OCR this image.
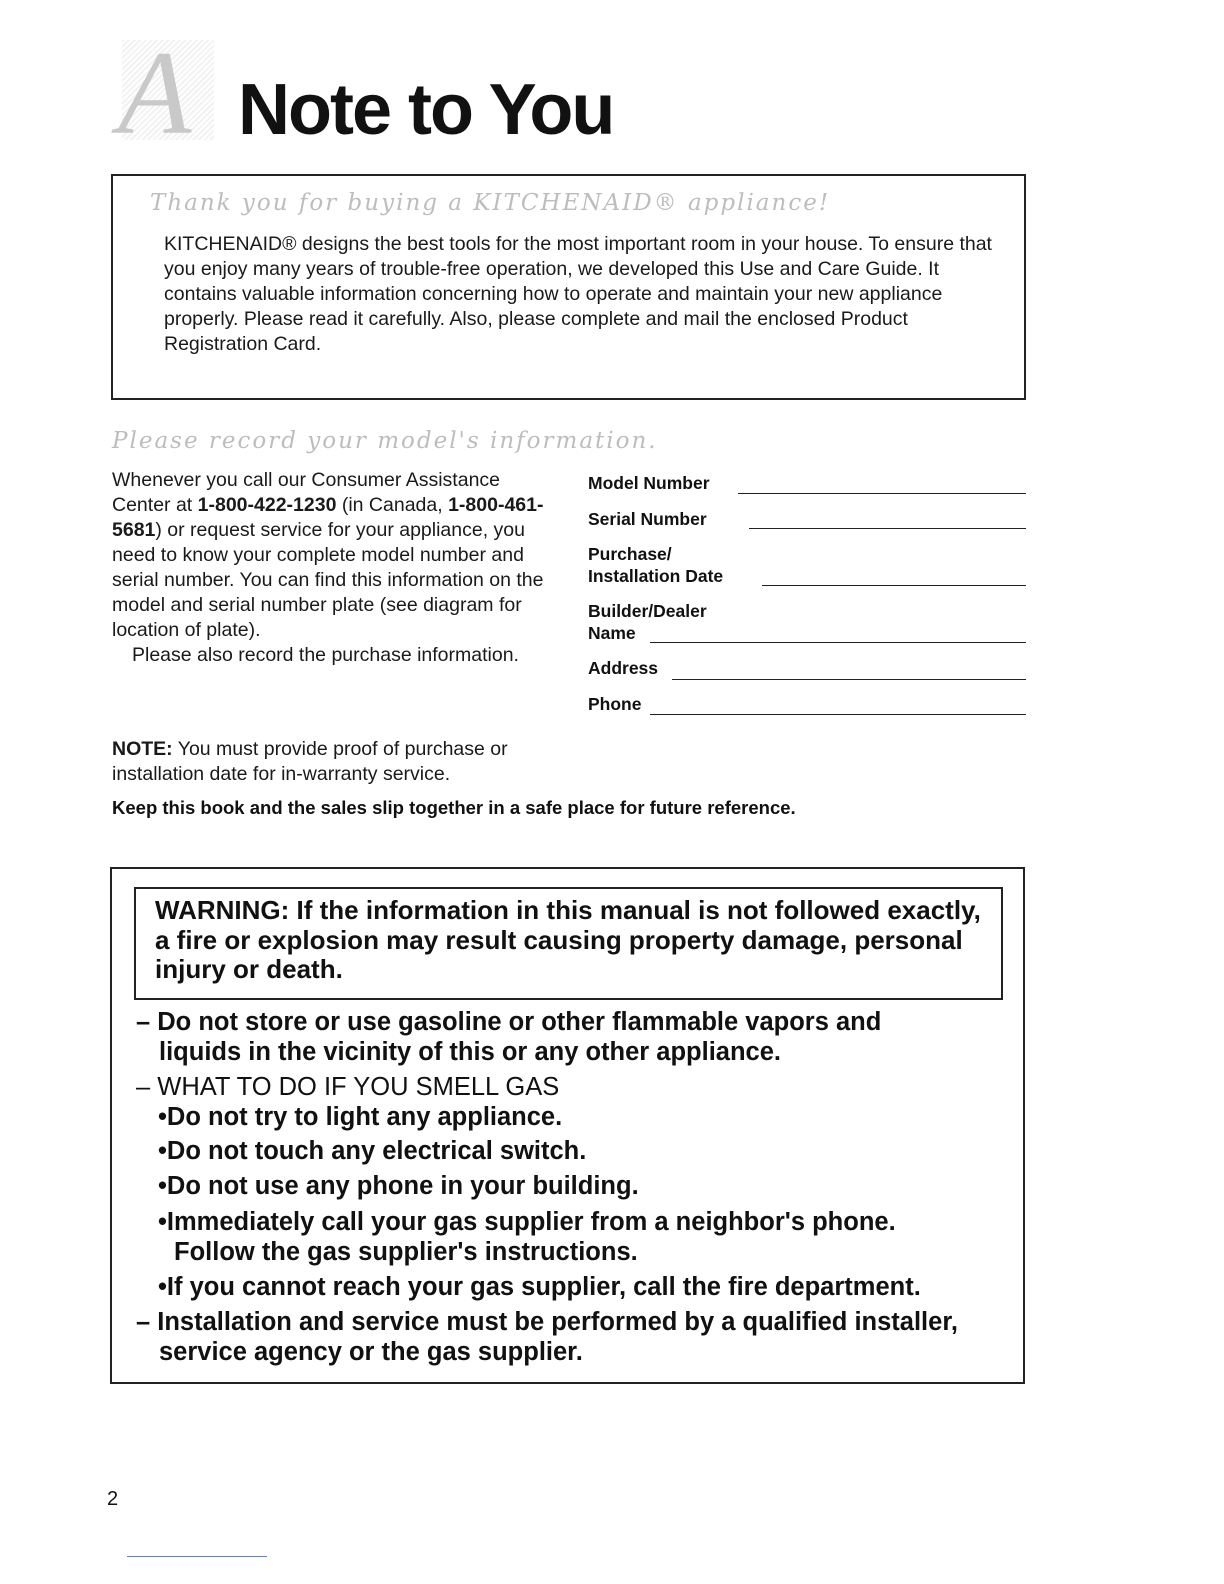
A Note to You
Thank you for buying a KITCHENAID® appliance!
KITCHENAID® designs the best tools for the most important room in your house. To ensure that you enjoy many years of trouble-free operation, we developed this Use and Care Guide. It contains valuable information concerning how to operate and maintain your new appliance properly. Please read it carefully. Also, please complete and mail the enclosed Product Registration Card.
Please record your model's information.

Whenever you call our Consumer Assistance Center at 1-800-422-1230 (in Canada, 1-800-461-5681) or request service for your appliance, you need to know your complete model number and serial number. You can find this information on the model and serial number plate (see diagram for location of plate).

Please also record the purchase information.

NOTE: You must provide proof of purchase or installation date for in-warranty service.
Keep this book and the sales slip together in a safe place for future reference.
Model Number
Serial Number
Purchase/
Installation Date
Builder/Dealer
Name
Address
Phone
WARNING: If the information in this manual is not followed exactly, a fire or explosion may result causing property damage, personal injury or death.
– Do not store or use gasoline or other flammable vapors and
liquids in the vicinity of this or any other appliance.
– WHAT TO DO IF YOU SMELL GAS
•Do not try to light any appliance.
•Do not touch any electrical switch.
•Do not use any phone in your building.
•Immediately call your gas supplier from a neighbor's phone.
Follow the gas supplier's instructions.
•If you cannot reach your gas supplier, call the fire department.
– Installation and service must be performed by a qualified installer,
service agency or the gas supplier.
2
